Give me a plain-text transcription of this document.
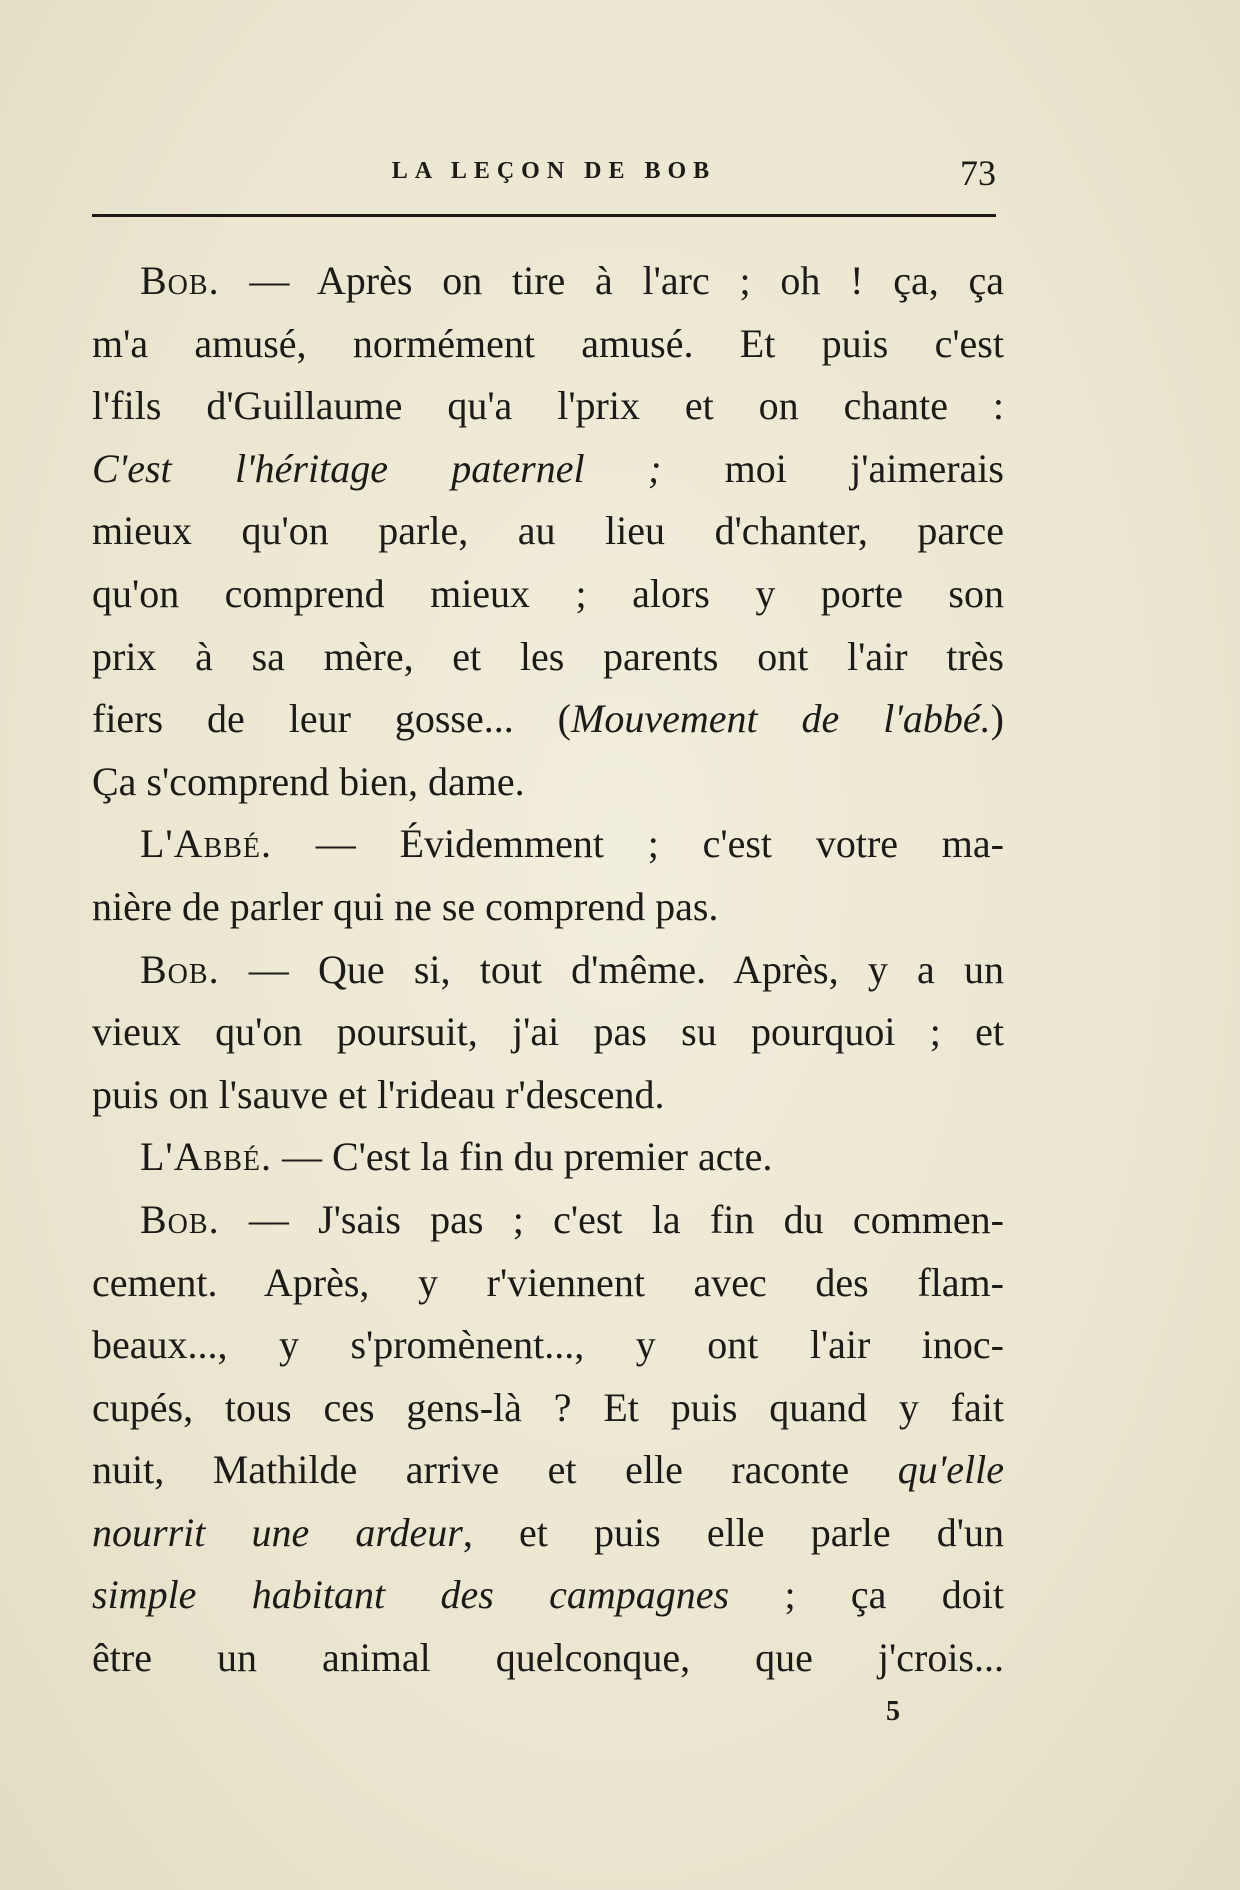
LA LEÇON DE BOB	73
Bob. — Après on tire à l'arc ; oh ! ça, ça
m'a amusé, normément amusé. Et puis c'est
l'fils d'Guillaume qu'a l'prix et on chante :
C'est l'héritage paternel ; moi j'aimerais
mieux qu'on parle, au lieu d'chanter, parce
qu'on comprend mieux ; alors y porte son
prix à sa mère, et les parents ont l'air très
fiers de leur gosse... (Mouvement de l'abbé.)
Ça s'comprend bien, dame.
L'Abbé. — Évidemment ; c'est votre ma-
nière de parler qui ne se comprend pas.
Bob. — Que si, tout d'même. Après, y a un
vieux qu'on poursuit, j'ai pas su pourquoi ; et
puis on l'sauve et l'rideau r'descend.
L'Abbé. — C'est la fin du premier acte.
Bob. — J'sais pas ; c'est la fin du commen-
cement. Après, y r'viennent avec des flam-
beaux..., y s'promènent..., y ont l'air inoc-
cupés, tous ces gens-là ? Et puis quand y fait
nuit, Mathilde arrive et elle raconte qu'elle
nourrit une ardeur, et puis elle parle d'un
simple habitant des campagnes ; ça doit
être un animal quelconque, que j'crois...
5
